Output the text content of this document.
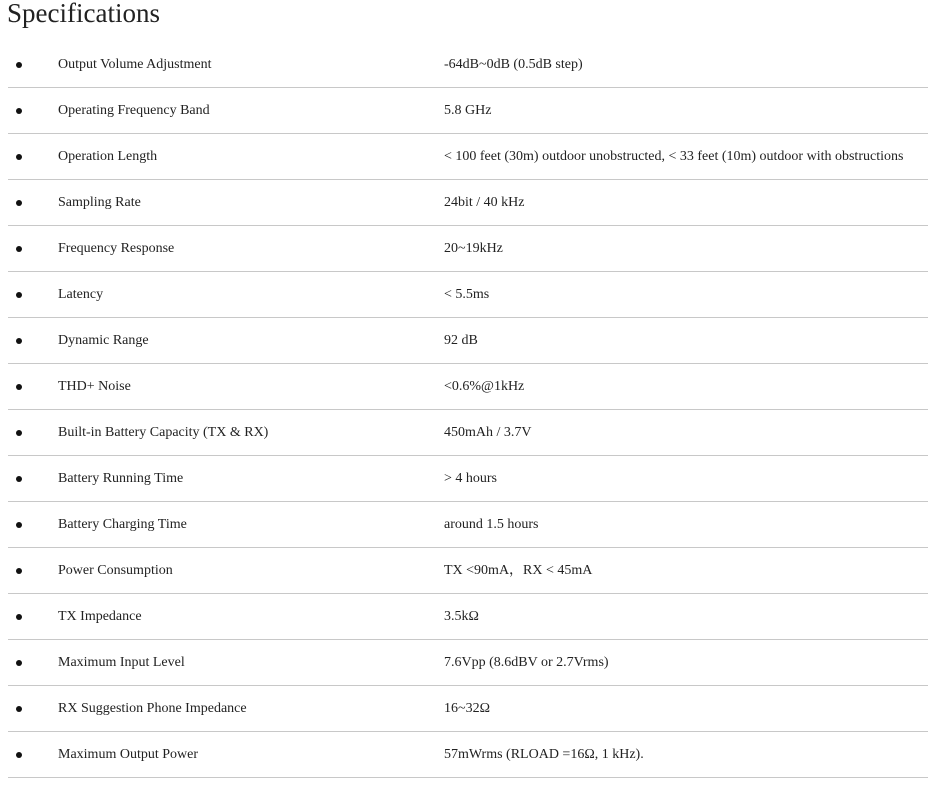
Specifications
Output Volume Adjustment	-64dB~0dB (0.5dB step)
Operating Frequency Band	5.8 GHz
Operation Length	< 100 feet (30m) outdoor unobstructed, < 33 feet (10m) outdoor with obstructions
Sampling Rate	24bit / 40 kHz
Frequency Response	20~19kHz
Latency	< 5.5ms
Dynamic Range	92 dB
THD+ Noise	<0.6%@1kHz
Built-in Battery Capacity (TX & RX)	450mAh / 3.7V
Battery Running Time	> 4 hours
Battery Charging Time	around 1.5 hours
Power Consumption	TX <90mA，RX < 45mA
TX Impedance	3.5kΩ
Maximum Input Level	7.6Vpp (8.6dBV or 2.7Vrms)
RX Suggestion Phone Impedance	16~32Ω
Maximum Output Power	57mWrms (RLOAD =16Ω, 1 kHz).
